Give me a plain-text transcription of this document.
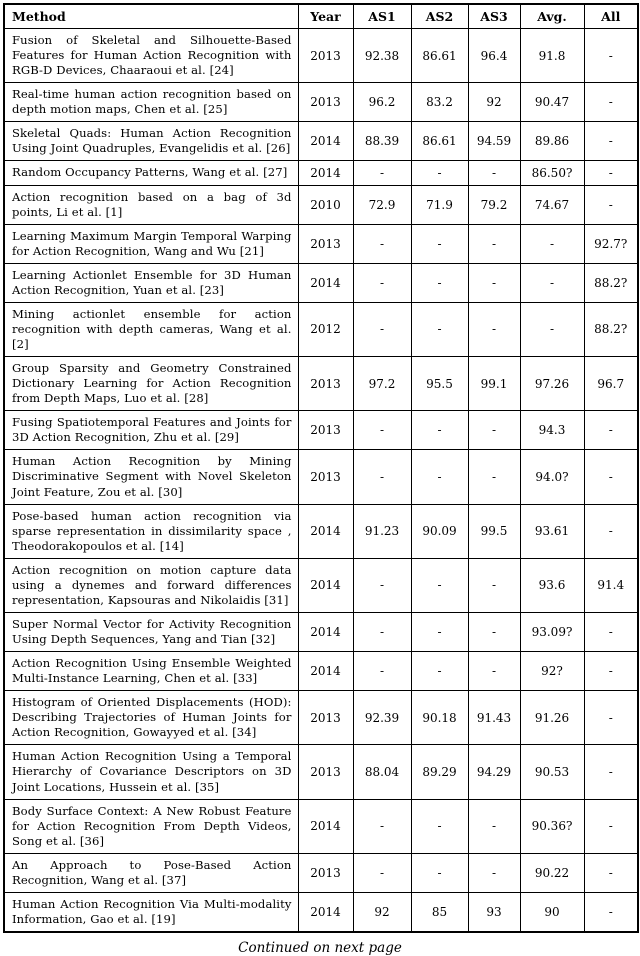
Method	Year	AS1	AS2	AS3	Avg.	All
Fusion of Skeletal and Silhouette-Based Features for Human Action Recognition with RGB-D Devices, Chaaraoui et al. [24]	2013	92.38	86.61	96.4	91.8	-
Real-time human action recognition based on depth motion maps, Chen et al. [25]	2013	96.2	83.2	92	90.47	-
Skeletal Quads: Human Action Recognition Using Joint Quadruples, Evangelidis et al. [26]	2014	88.39	86.61	94.59	89.86	-
Random Occupancy Patterns, Wang et al. [27]	2014	-	-	-	86.50?	-
Action recognition based on a bag of 3d points, Li et al. [1]	2010	72.9	71.9	79.2	74.67	-
Learning Maximum Margin Temporal Warping for Action Recognition, Wang and Wu [21]	2013	-	-	-	-	92.7?
Learning Actionlet Ensemble for 3D Human Action Recognition, Yuan et al. [23]	2014	-	-	-	-	88.2?
Mining actionlet ensemble for action recognition with depth cameras, Wang et al. [2]	2012	-	-	-	-	88.2?
Group Sparsity and Geometry Constrained Dictionary Learning for Action Recognition from Depth Maps, Luo et al. [28]	2013	97.2	95.5	99.1	97.26	96.7
Fusing Spatiotemporal Features and Joints for 3D Action Recognition, Zhu et al. [29]	2013	-	-	-	94.3	-
Human Action Recognition by Mining Discriminative Segment with Novel Skeleton Joint Feature, Zou et al. [30]	2013	-	-	-	94.0?	-
Pose-based human action recognition via sparse representation in dissimilarity space , Theodorakopoulos et al. [14]	2014	91.23	90.09	99.5	93.61	-
Action recognition on motion capture data using a dynemes and forward differences representation, Kapsouras and Nikolaidis [31]	2014	-	-	-	93.6	91.4
Super Normal Vector for Activity Recognition Using Depth Sequences, Yang and Tian [32]	2014	-	-	-	93.09?	-
Action Recognition Using Ensemble Weighted Multi-Instance Learning, Chen et al. [33]	2014	-	-	-	92?	-
Histogram of Oriented Displacements (HOD): Describing Trajectories of Human Joints for Action Recognition, Gowayyed et al. [34]	2013	92.39	90.18	91.43	91.26	-
Human Action Recognition Using a Temporal Hierarchy of Covariance Descriptors on 3D Joint Locations, Hussein et al. [35]	2013	88.04	89.29	94.29	90.53	-
Body Surface Context: A New Robust Feature for Action Recognition From Depth Videos, Song et al. [36]	2014	-	-	-	90.36?	-
An Approach to Pose-Based Action Recognition, Wang et al. [37]	2013	-	-	-	90.22	-
Human Action Recognition Via Multi-modality Information, Gao et al. [19]	2014	92	85	93	90	-
Continued on next page
